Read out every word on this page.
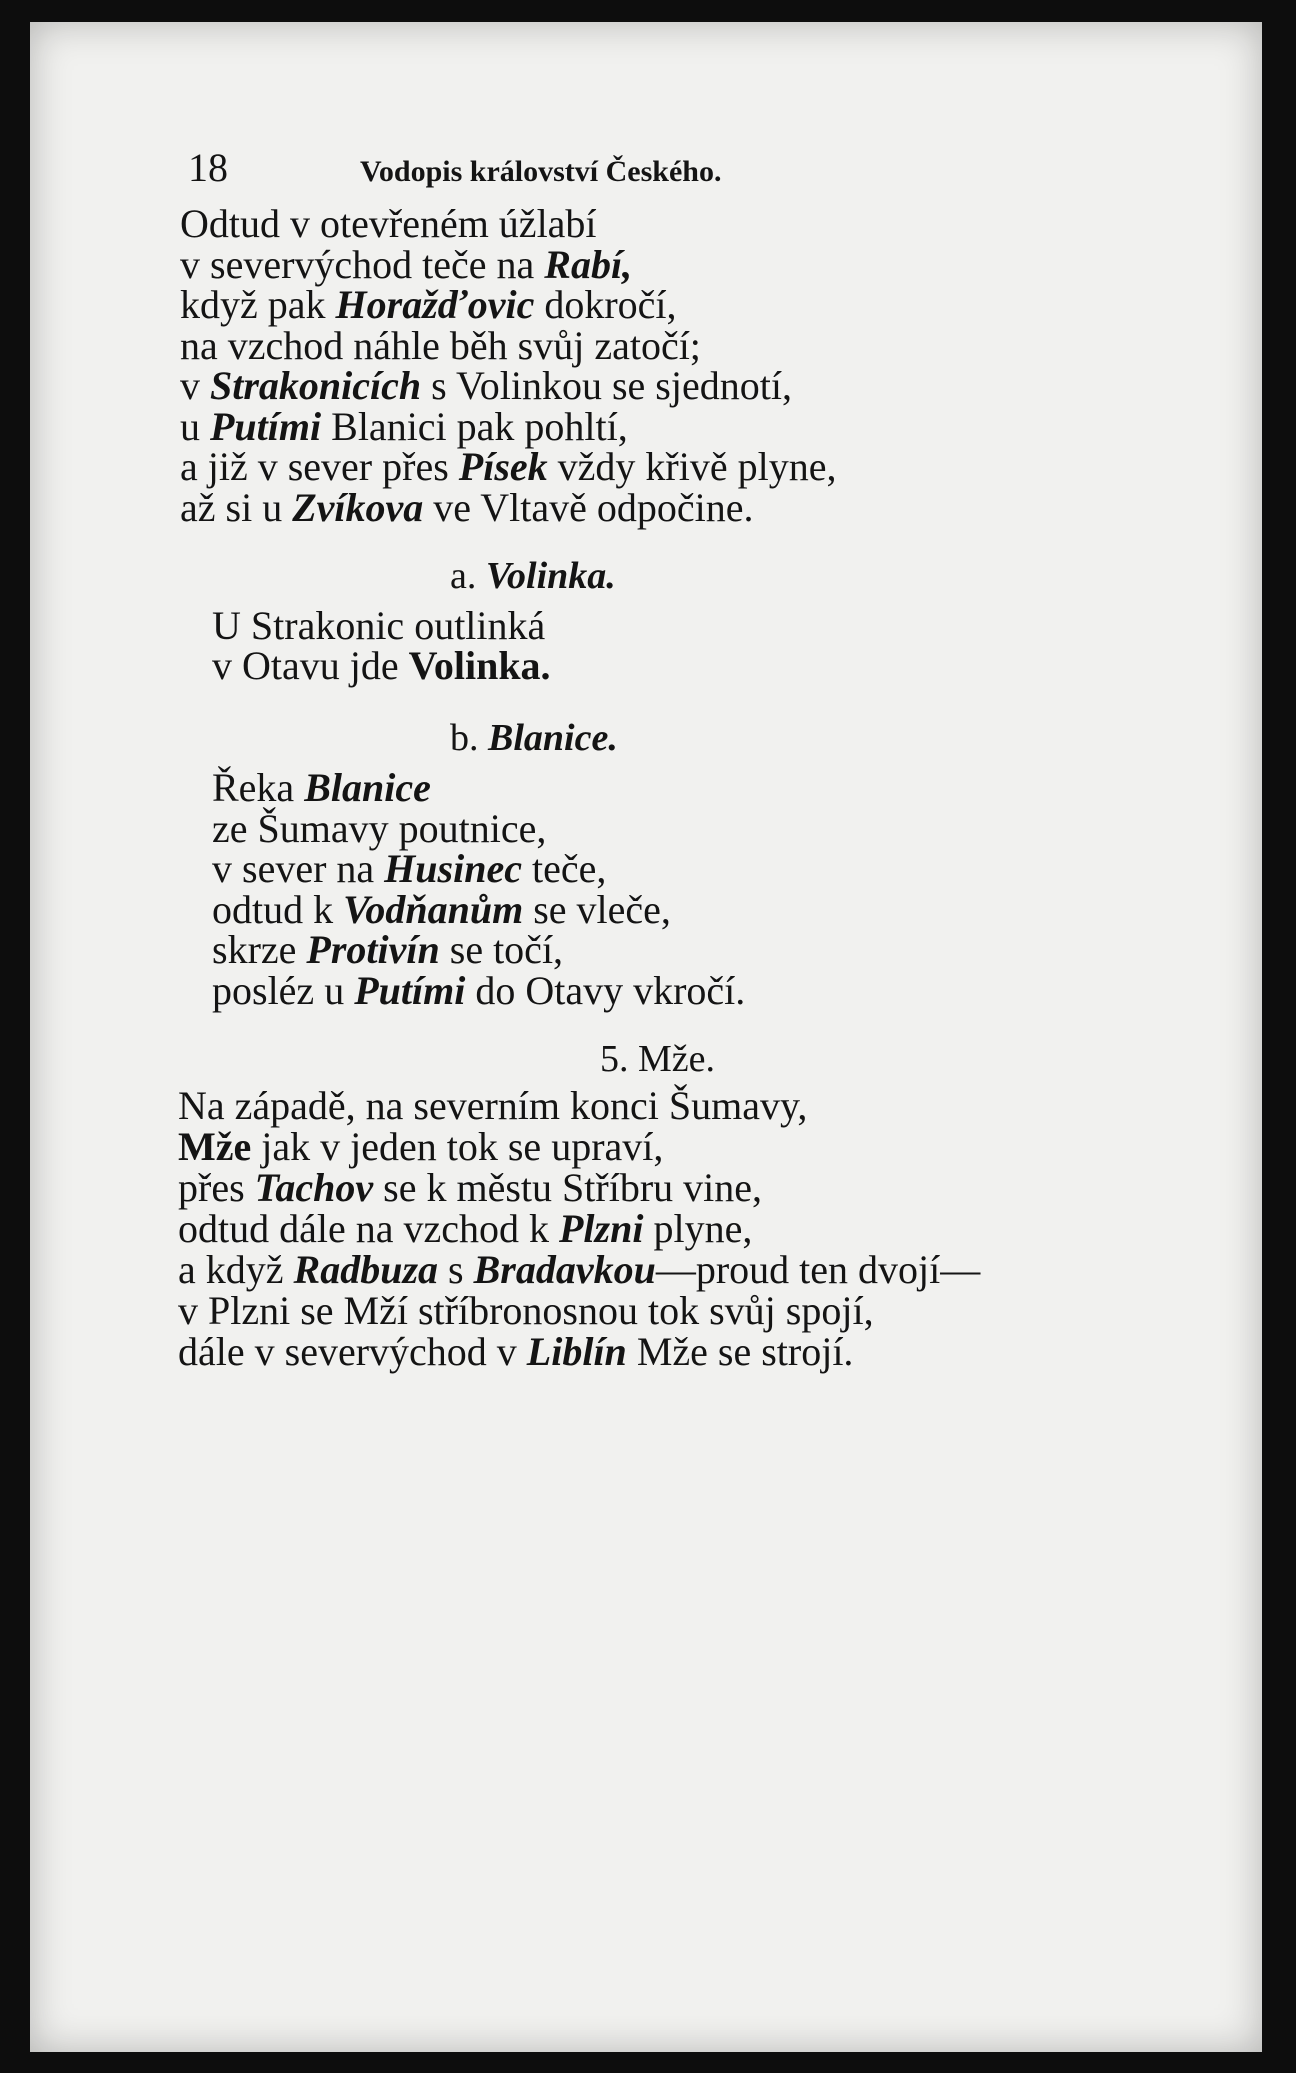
18	Vodopis království Českého.
Odtud v otevřeném úžlabí
v severvýchod teče na Rabí,
když pak Horažďovic dokročí,
na vzchod náhle běh svůj zatočí;
v Strakonicích s Volinkou se sjednotí,
u Putími Blanici pak pohltí,
a již v sever přes Písek vždy křivě plyne,
až si u Zvíkova ve Vltavě odpočine.
a. Volinka.
U Strakonic outlinká
v Otavu jde Volinka.
b. Blanice.
Řeka Blanice
ze Šumavy poutnice,
v sever na Husinec teče,
odtud k Vodňanům se vleče,
skrze Protivín se točí,
posléz u Putími do Otavy vkročí.
5. Mže.
Na západě, na severním konci Šumavy,
Mže jak v jeden tok se upraví,
přes Tachov se k městu Stříbru vine,
odtud dále na vzchod k Plzni plyne,
a když Radbuza s Bradavkou—proud ten dvojí—
v Plzni se Mží stříbronosnou tok svůj spojí,
dále v severvýchod v Liblín Mže se strojí.
